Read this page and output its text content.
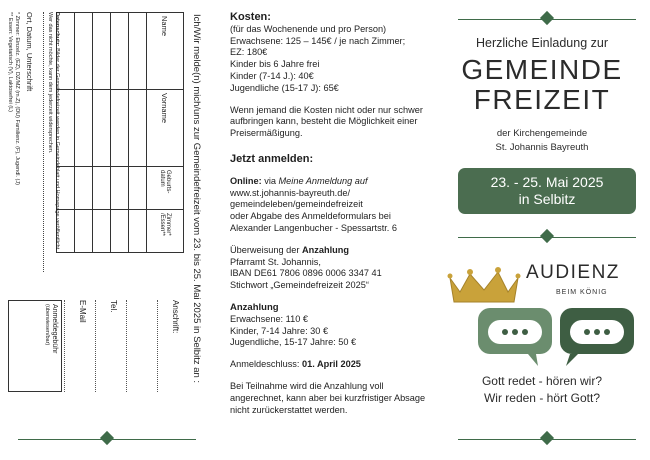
Ich/Wir melde(n) mich/uns zur Gemeindefreizeit vom 23. bis 25. Mai 2025 in Selbitz an :
Name	Vorname	Geburts-datum	Zimmer* /Essen**

Anschrift:
Tel.
E-Mail
Datenschutz: Bilder der Gemeindefreizeit werden in Gemeindeblatt und Homepage veröffentlicht. Wer das nicht möchte, kann dem jederzeit widersprechen.
Ort, Datum, Unterschrift
* Zimmer: Einzelz. (EZ), DZ/MZ (m.Z), (DU) Familienz. (F), Jugendl. (J)
** Essen: Vegetarisch (V), Laktosefrei (L)
Anmeldegebühr (überwiesen/bar)
Kosten:

(für das Wochenende und pro Person)

Erwachsene: 125 – 145€ / je nach Zimmer;

EZ: 180€

Kinder bis 6 Jahre frei

Kinder (7-14 J.): 40€

Jugendliche (15-17 J): 65€

Wenn jemand die Kosten nicht oder nur schwer aufbringen kann, besteht die Möglichkeit einer Preisermäßigung.

Jetzt anmelden:

Online: via Meine Anmeldung auf

www.st.johannis-bayreuth.de/

gemeindeleben/gemeindefreizeit

oder Abgabe des Anmeldeformulars bei

Alexander Langenbucher - Spessartstr. 6

Überweisung der Anzahlung

Pfarramt St. Johannis,

IBAN DE61 7806 0896 0006 3347 41

Stichwort „Gemeindefreizeit 2025“

Anzahlung

Erwachsene: 110 €

Kinder, 7-14 Jahre: 30 €

Jugendliche, 15-17 Jahre: 50 €

Anmeldeschluss: 01. April 2025

Bei Teilnahme wird die Anzahlung voll angerechnet, kann aber bei kurzfristiger Absage nicht zurückerstattet werden.

Herzliche Einladung zur
GEMEINDE
FREIZEIT
der Kirchengemeinde
St. Johannis Bayreuth
23. - 25. Mai 2025
in Selbitz
AUDIENZ
BEIM KÖNIG
Gott redet - hören wir?
Wir reden - hört Gott?
